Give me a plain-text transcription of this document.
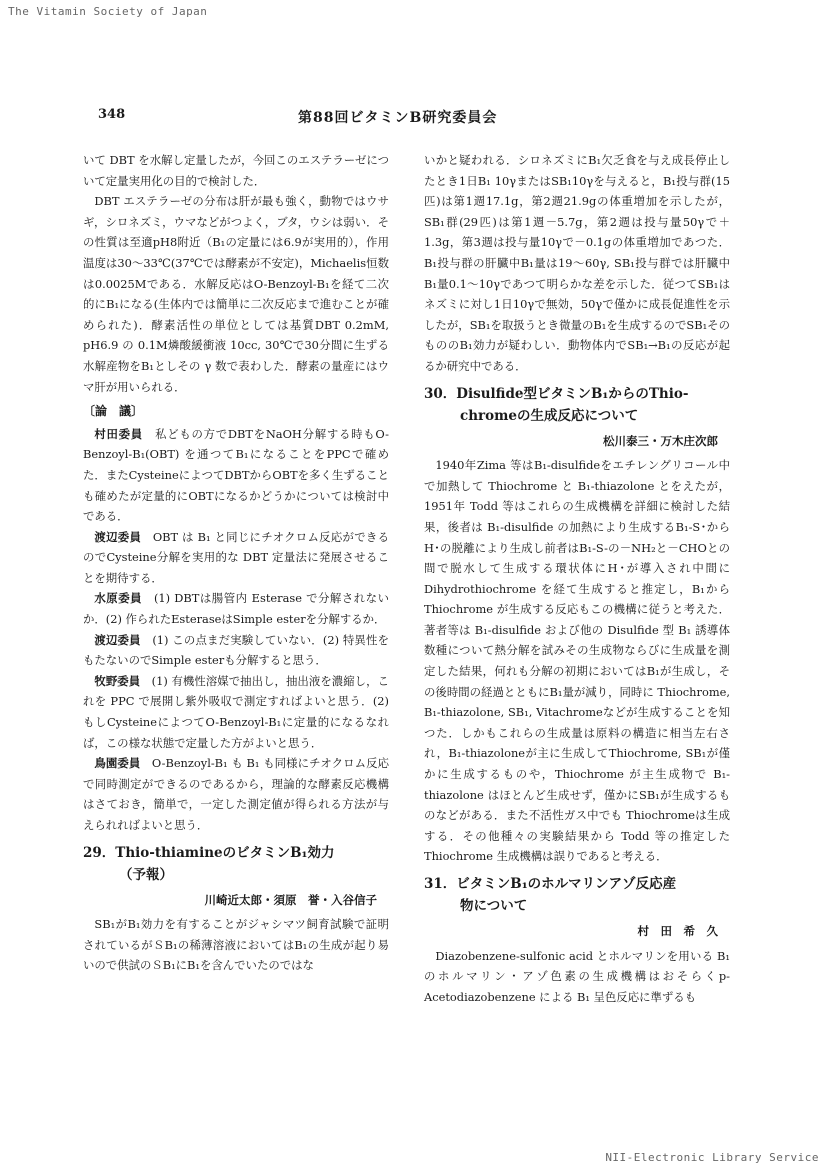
The Vitamin Society of Japan
348	第88回ビタミンB研究委員会

いて DBT を水解し定量したが，今回このエステラーゼについて定量実用化の目的で検討した．

DBT エステラーゼの分布は肝が最も強く，動物ではウサギ，シロネズミ，ウマなどがつよく，ブタ，ウシは弱い．その性質は至適pH8附近（B₁の定量には6.9が実用的），作用温度は30～33℃(37℃では酵素が不安定)，Michaelis恒数は0.0025Mである．水解反応はO-Benzoyl-B₁を経て二次的にB₁になる(生体内では簡単に二次反応まで進むことが確められた)．酵素活性の単位としては基質DBT 0.2mM, pH6.9 の 0.1M燐酸緩衝液 10cc, 30℃で30分間に生ずる水解産物をB₁としその γ 数で表わした．酵素の量産にはウマ肝が用いられる．

〔論　議〕

村田委員　 私どもの方でDBTをNaOH分解する時もO-Benzoyl-B₁(OBT) を通つてB₁になることをPPCで確めた．またCysteineによつてDBTからOBTを多く生ずることも確めたが定量的にOBTになるかどうかについては検討中である．

渡辺委員　 OBT は B₁ と同じにチオクロム反応ができるのでCysteine分解を実用的な DBT 定量法に発展させることを期待する．

水原委員　 (1) DBTは腸管内 Esterase で分解されないか．(2) 作られたEsteraseはSimple esterを分解するか．

渡辺委員　 (1) この点まだ実験していない．(2) 特異性をもたないのでSimple esterも分解すると思う．

牧野委員　 (1) 有機性溶媒で抽出し，抽出液を濃縮し，これを PPC で展開し紫外吸収で測定すればよいと思う．(2) もしCysteineによつてO-Benzoyl-B₁に定量的になるなれば，この様な状態で定量した方がよいと思う．

鳥園委員　 O-Benzoyl-B₁ も B₁ も同様にチオクロム反応で同時測定ができるのであるから，理論的な酵素反応機構はさておき，簡単で，一定した測定値が得られる方法が与えられればよいと思う．

29．Thio-thiamineのビタミンB₁効力
（予報）

川崎近太郎・須原　誉・入谷信子

SB₁がB₁効力を有することがジャシマツ飼育試験で証明されているがＳB₁の稀薄溶液においてはB₁の生成が起り易いので供試のＳB₁にB₁を含んでいたのではな

いかと疑われる．シロネズミにB₁欠乏食を与え成長停止したとき1日B₁ 10γまたはSB₁10γを与えると，B₁投与群(15匹)は第1週17.1g，第2週21.9gの体重増加を示したが，SB₁群(29匹)は第1週－5.7g，第2週は投与量50γで＋1.3g，第3週は投与量10γで－0.1gの体重増加であつた．B₁投与群の肝臓中B₁量は19～60γ, SB₁投与群では肝臓中B₁量0.1～10γであつて明らかな差を示した．従つてSB₁はネズミに対し1日10γで無効，50γで僅かに成長促進性を示したが，SB₁を取扱うとき微量のB₁を生成するのでSB₁そのもののB₁効力が疑わしい．動物体内でSB₁→B₁の反応が起るか研究中である．

30．Disulfide型ビタミンB₁からのThio-
chromeの生成反応について

松川泰三・万木庄次郎

1940年Zima 等はB₁-disulfideをエチレングリコール中で加熱して Thiochrome と B₁-thiazolone とをえたが，1951年 Todd 等はこれらの生成機構を詳細に検討した結果，後者は B₁-disulfide の加熱により生成するB₁-S･から H･の脱離により生成し前者はB₁-S-の－NH₂と－CHOとの間で脱水して生成する環状体にH･が導入され中間に Dihydrothiochrome を経て生成すると推定し，B₁から Thiochrome が生成する反応もこの機構に従うと考えた．著者等は B₁-disulfide および他の Disulfide 型 B₁ 誘導体数種について熱分解を試みその生成物ならびに生成量を測定した結果，何れも分解の初期においてはB₁が生成し，その後時間の経過とともにB₁量が減り，同時に Thiochrome, B₁-thiazolone, SB₁, Vitachromeなどが生成することを知つた．しかもこれらの生成量は原料の構造に相当左右され，B₁-thiazoloneが主に生成してThiochrome, SB₁が僅かに生成するものや，Thiochrome が主生成物で B₁-thiazolone はほとんど生成せず，僅かにSB₁が生成するものなどがある．また不活性ガス中でも Thiochromeは生成する．その他種々の実験結果から Todd 等の推定したThiochrome 生成機構は誤りであると考える．

31．ビタミンB₁のホルマリンアゾ反応産
物について

村　田　希　久

Diazobenzene-sulfonic acid とホルマリンを用いる B₁のホルマリン・アゾ色素の生成機構はおそらくp-Acetodiazobenzene による B₁ 呈色反応に準ずるも

NII-Electronic Library Service
